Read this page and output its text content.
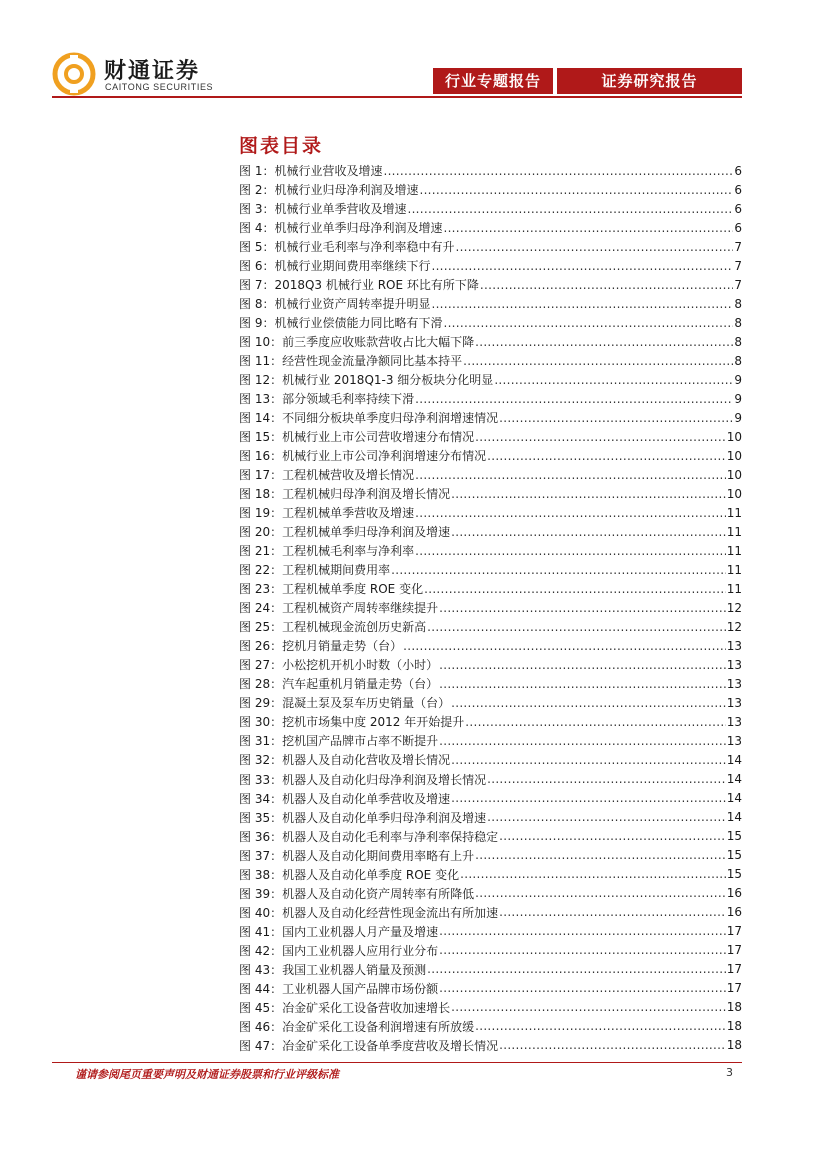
财通证券
CAITONG SECURITIES	行业专题报告	证券研究报告
图表目录
图 1：机械行业营收及增速 .....	6
图 2：机械行业归母净利润及增速 .....	6
图 3：机械行业单季营收及增速 .....	6
图 4：机械行业单季归母净利润及增速 .....	6
图 5：机械行业毛利率与净利率稳中有升 .....	7
图 6：机械行业期间费用率继续下行 .....	7
图 7：2018Q3 机械行业 ROE 环比有所下降 .....	7
图 8：机械行业资产周转率提升明显 .....	8
图 9：机械行业偿债能力同比略有下滑 .....	8
图 10：前三季度应收账款营收占比大幅下降 .....	8
图 11：经营性现金流量净额同比基本持平 .....	8
图 12：机械行业 2018Q1-3 细分板块分化明显 .....	9
图 13：部分领域毛利率持续下滑 .....	9
图 14：不同细分板块单季度归母净利润增速情况 .....	9
图 15：机械行业上市公司营收增速分布情况 .....	10
图 16：机械行业上市公司净利润增速分布情况 .....	10
图 17：工程机械营收及增长情况 .....	10
图 18：工程机械归母净利润及增长情况 .....	10
图 19：工程机械单季营收及增速 .....	11
图 20：工程机械单季归母净利润及增速 .....	11
图 21：工程机械毛利率与净利率 .....	11
图 22：工程机械期间费用率 .....	11
图 23：工程机械单季度 ROE 变化 .....	11
图 24：工程机械资产周转率继续提升 .....	12
图 25：工程机械现金流创历史新高 .....	12
图 26：挖机月销量走势（台） .....	13
图 27：小松挖机开机小时数（小时） .....	13
图 28：汽车起重机月销量走势（台） .....	13
图 29：混凝土泵及泵车历史销量（台） .....	13
图 30：挖机市场集中度 2012 年开始提升 .....	13
图 31：挖机国产品牌市占率不断提升 .....	13
图 32：机器人及自动化营收及增长情况 .....	14
图 33：机器人及自动化归母净利润及增长情况 .....	14
图 34：机器人及自动化单季营收及增速 .....	14
图 35：机器人及自动化单季归母净利润及增速 .....	14
图 36：机器人及自动化毛利率与净利率保持稳定 .....	15
图 37：机器人及自动化期间费用率略有上升 .....	15
图 38：机器人及自动化单季度 ROE 变化 .....	15
图 39：机器人及自动化资产周转率有所降低 .....	16
图 40：机器人及自动化经营性现金流出有所加速 .....	16
图 41：国内工业机器人月产量及增速 .....	17
图 42：国内工业机器人应用行业分布 .....	17
图 43：我国工业机器人销量及预测 .....	17
图 44：工业机器人国产品牌市场份额 .....	17
图 45：冶金矿采化工设备营收加速增长 .....	18
图 46：冶金矿采化工设备利润增速有所放缓 .....	18
图 47：冶金矿采化工设备单季度营收及增长情况 .....	18
谨请参阅尾页重要声明及财通证券股票和行业评级标准	3
